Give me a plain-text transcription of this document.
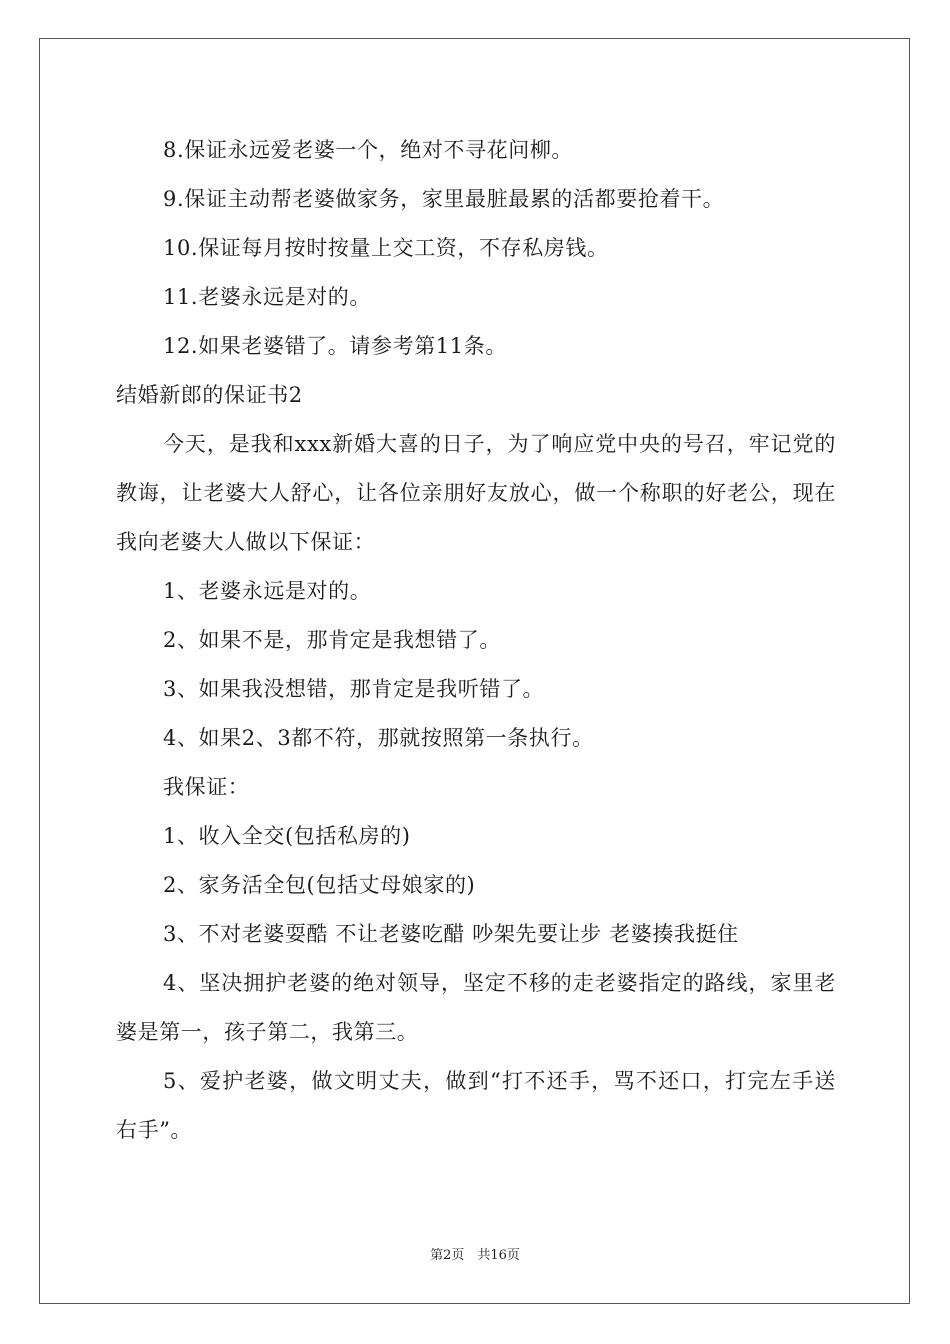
8.保证永远爱老婆一个，绝对不寻花问柳。
9.保证主动帮老婆做家务，家里最脏最累的活都要抢着干。
10.保证每月按时按量上交工资，不存私房钱。
11.老婆永远是对的。
12.如果老婆错了。请参考第11条。
结婚新郎的保证书2
今天，是我和xxx新婚大喜的日子，为了响应党中央的号召，牢记党的教诲，让老婆大人舒心，让各位亲朋好友放心，做一个称职的好老公，现在我向老婆大人做以下保证：
1、老婆永远是对的。
2、如果不是，那肯定是我想错了。
3、如果我没想错，那肯定是我听错了。
4、如果2、3都不符，那就按照第一条执行。
我保证：
1、收入全交(包括私房的)
2、家务活全包(包括丈母娘家的)
3、不对老婆耍酷 不让老婆吃醋 吵架先要让步 老婆揍我挺住
4、坚决拥护老婆的绝对领导，坚定不移的走老婆指定的路线，家里老婆是第一，孩子第二，我第三。
5、爱护老婆，做文明丈夫，做到“打不还手，骂不还口，打完左手送右手”。
第2页　共16页
